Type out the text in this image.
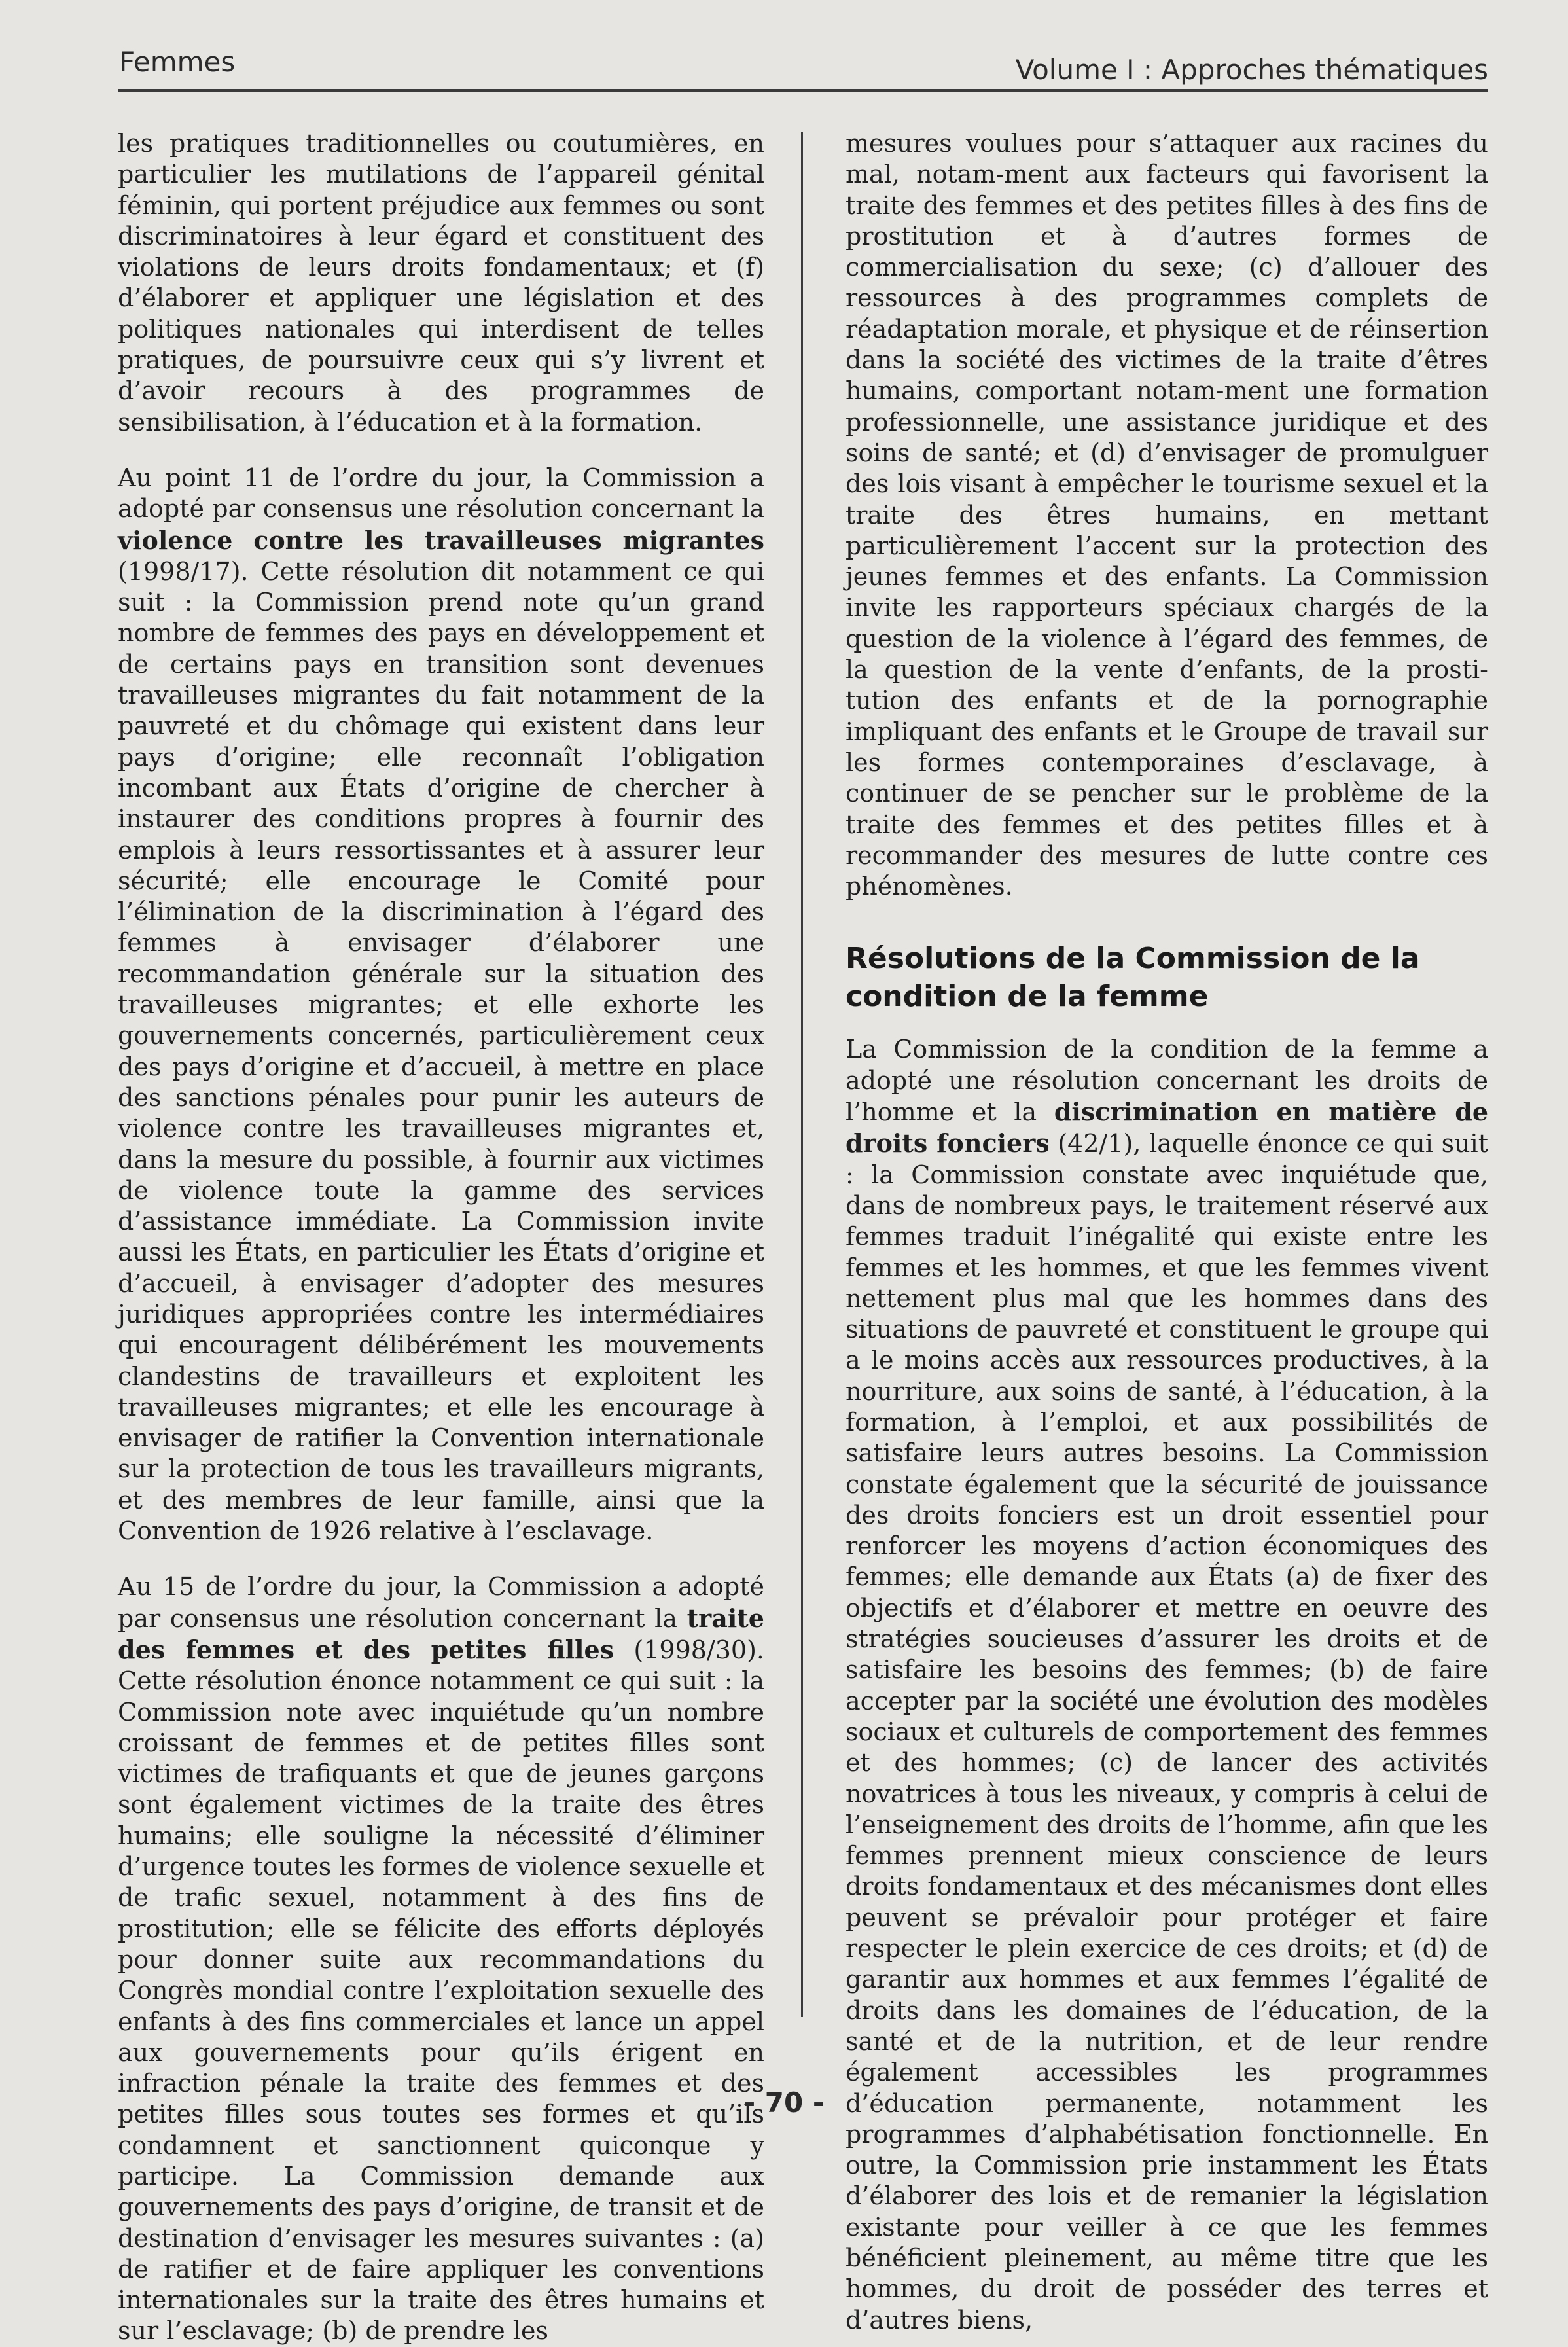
Femmes	Volume I : Approches thématiques

les pratiques traditionnelles ou coutumières, en particulier les mutilations de l’appareil génital féminin, qui portent préjudice aux femmes ou sont discriminatoires à leur égard et constituent des violations de leurs droits fondamentaux; et (f) d’élaborer et appliquer une législation et des politiques nationales qui interdisent de telles pratiques, de poursuivre ceux qui s’y livrent et d’avoir recours à des programmes de sensibilisation, à l’éducation et à la formation.

Au point 11 de l’ordre du jour, la Commission a adopté par consensus une résolution concernant la violence contre les travailleuses migrantes (1998/17). Cette résolution dit notamment ce qui suit : la Commission prend note qu’un grand nombre de femmes des pays en développement et de certains pays en transition sont devenues travailleuses migrantes du fait notamment de la pauvreté et du chômage qui existent dans leur pays d’origine; elle reconnaît l’obligation incombant aux États d’origine de chercher à instaurer des conditions propres à fournir des emplois à leurs ressortissantes et à assurer leur sécurité; elle encourage le Comité pour l’élimination de la discrimination à l’égard des femmes à envisager d’élaborer une recommandation générale sur la situation des travailleuses migrantes; et elle exhorte les gouvernements concernés, particulièrement ceux des pays d’origine et d’accueil, à mettre en place des sanctions pénales pour punir les auteurs de violence contre les travailleuses migrantes et, dans la mesure du possible, à fournir aux victimes de violence toute la gamme des services d’assistance immédiate. La Commission invite aussi les États, en particulier les États d’origine et d’accueil, à envisager d’adopter des mesures juridiques appropriées contre les intermédiaires qui encouragent délibérément les mouvements clandestins de travailleurs et exploitent les travailleuses migrantes; et elle les encourage à envisager de ratifier la Convention internationale sur la protection de tous les travailleurs migrants, et des membres de leur famille, ainsi que la Convention de 1926 relative à l’esclavage.

Au 15 de l’ordre du jour, la Commission a adopté par consensus une résolution concernant la traite des femmes et des petites filles (1998/30). Cette résolution énonce notamment ce qui suit : la Commission note avec inquiétude qu’un nombre croissant de femmes et de petites filles sont victimes de trafiquants et que de jeunes garçons sont également victimes de la traite des êtres humains; elle souligne la nécessité d’éliminer d’urgence toutes les formes de violence sexuelle et de trafic sexuel, notamment à des fins de prostitution; elle se félicite des efforts déployés pour donner suite aux recommandations du Congrès mondial contre l’exploitation sexuelle des enfants à des fins commerciales et lance un appel aux gouvernements pour qu’ils érigent en infraction pénale la traite des femmes et des petites filles sous toutes ses formes et qu’ils condamnent et sanctionnent quiconque y participe. La Commission demande aux gouvernements des pays d’origine, de transit et de destination d’envisager les mesures suivantes : (a) de ratifier et de faire appliquer les conventions internationales sur la traite des êtres humains et sur l’esclavage; (b) de prendre les

mesures voulues pour s’attaquer aux racines du mal, notam-ment aux facteurs qui favorisent la traite des femmes et des petites filles à des fins de prostitution et à d’autres formes de commercialisation du sexe; (c) d’allouer des ressources à des programmes complets de réadaptation morale, et physique et de réinsertion dans la société des victimes de la traite d’êtres humains, comportant notam-ment une formation professionnelle, une assistance juridique et des soins de santé; et (d) d’envisager de promulguer des lois visant à empêcher le tourisme sexuel et la traite des êtres humains, en mettant particulièrement l’accent sur la protection des jeunes femmes et des enfants. La Commission invite les rapporteurs spéciaux chargés de la question de la violence à l’égard des femmes, de la question de la vente d’enfants, de la prosti-tution des enfants et de la pornographie impliquant des enfants et le Groupe de travail sur les formes contemporaines d’esclavage, à continuer de se pencher sur le problème de la traite des femmes et des petites filles et à recommander des mesures de lutte contre ces phénomènes.

Résolutions de la Commission de la condition de la femme

La Commission de la condition de la femme a adopté une résolution concernant les droits de l’homme et la discrimination en matière de droits fonciers (42/1), laquelle énonce ce qui suit : la Commission constate avec inquiétude que, dans de nombreux pays, le traitement réservé aux femmes traduit l’inégalité qui existe entre les femmes et les hommes, et que les femmes vivent nettement plus mal que les hommes dans des situations de pauvreté et constituent le groupe qui a le moins accès aux ressources productives, à la nourriture, aux soins de santé, à l’éducation, à la formation, à l’emploi, et aux possibilités de satisfaire leurs autres besoins. La Commission constate également que la sécurité de jouissance des droits fonciers est un droit essentiel pour renforcer les moyens d’action économiques des femmes; elle demande aux États (a) de fixer des objectifs et d’élaborer et mettre en oeuvre des stratégies soucieuses d’assurer les droits et de satisfaire les besoins des femmes; (b) de faire accepter par la société une évolution des modèles sociaux et culturels de comportement des femmes et des hommes; (c) de lancer des activités novatrices à tous les niveaux, y compris à celui de l’enseignement des droits de l’homme, afin que les femmes prennent mieux conscience de leurs droits fondamentaux et des mécanismes dont elles peuvent se prévaloir pour protéger et faire respecter le plein exercice de ces droits; et (d) de garantir aux hommes et aux femmes l’égalité de droits dans les domaines de l’éducation, de la santé et de la nutrition, et de leur rendre également accessibles les programmes d’éducation permanente, notamment les programmes d’alphabétisation fonctionnelle. En outre, la Commission prie instamment les États d’élaborer des lois et de remanier la législation existante pour veiller à ce que les femmes bénéficient pleinement, au même titre que les hommes, du droit de posséder des terres et d’autres biens,

- 70 -
